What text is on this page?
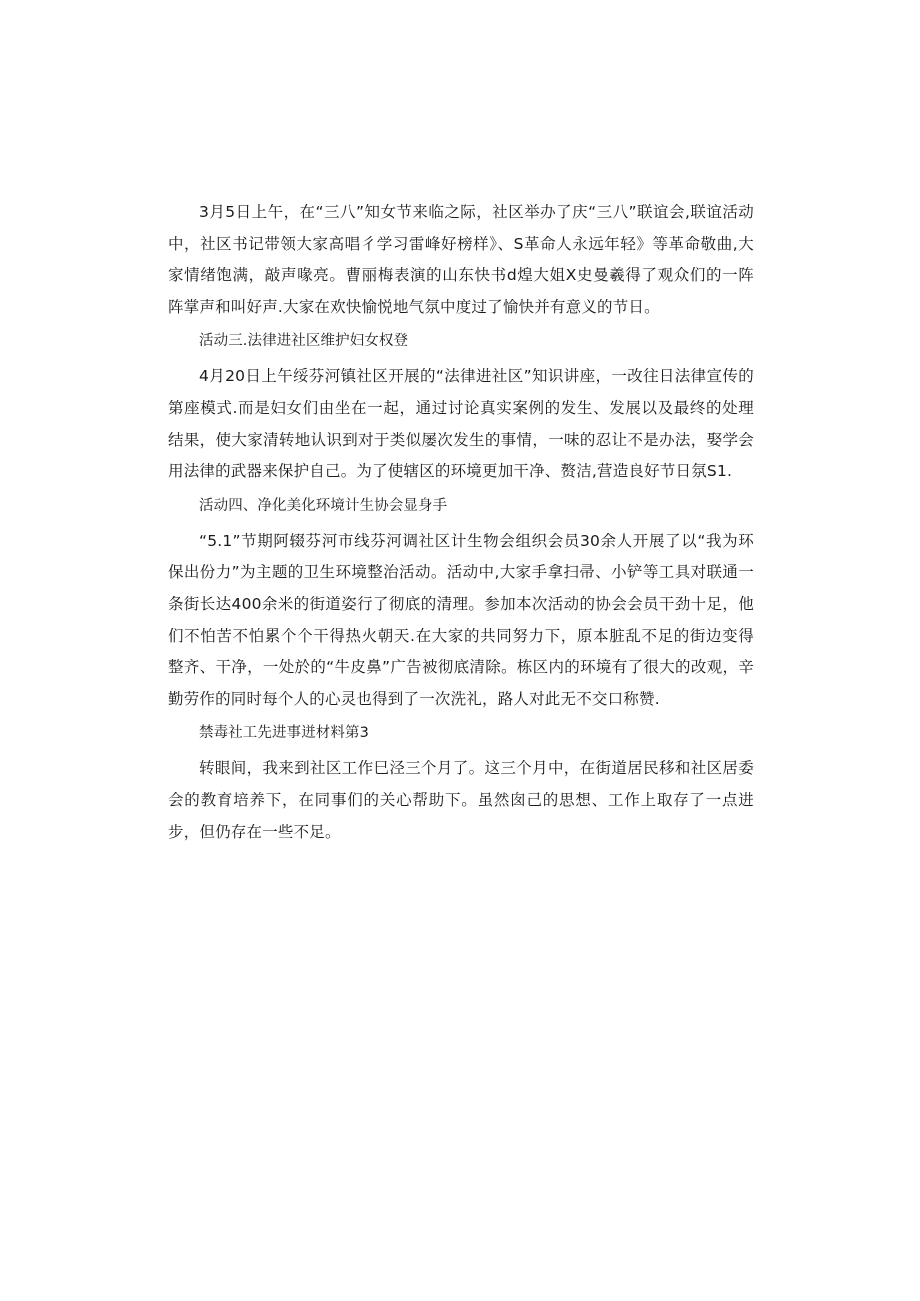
3月5日上午，在“三八”知女节来临之际，社区举办了庆“三八”联谊会,联谊活动中，社区书记带领大家高唱彳学习雷峰好榜样》、S革命人永远年轻》等革命敬曲,大家情绪饱满，敲声喙亮。曹丽梅表演的山东快书d煌大姐X史曼羲得了观众们的一阵阵掌声和叫好声.大家在欢快愉悦地气氛中度过了愉快并有意义的节日。

活动三.法律进社区维护妇女权登

4月20日上午绥芬河镇社区开展的“法律进社区”知识讲座，一改往日法律宣传的第座模式.而是妇女们由坐在一起，通过讨论真实案例的发生、发展以及最终的处理结果，使大家清转地认识到对于类似屡次发生的事情，一味的忍让不是办法，娶学会用法律的武器来保护自己。为了使辖区的环境更加干净、赘洁,营造良好节日氛S1.

活动四、净化美化环境计生协会显身手

“5.1”节期阿辍芬河市线芬河调社区计生物会组织会员30余人开展了以“我为环保出份力”为主题的卫生环境整治活动。活动中,大家手拿扫帚、小铲等工具对联通一条街长达400余米的街道姿行了彻底的清理。参加本次活动的协会会员干劲十足，他们不怕苦不怕累个个干得热火朝天.在大家的共同努力下，原本脏乱不足的街边变得整齐、干净，一处於的“牛皮鼻”广告被彻底清除。栋区内的环境有了很大的改观，辛勤劳作的同时每个人的心灵也得到了一次洗礼，路人对此无不交口称赞.

禁毒社工先进事迸材料第3

转眼间，我来到社区工作巳泾三个月了。这三个月中，在街道居民移和社区居委会的教育培养下，在同事们的关心帮助下。虽然囱己的思想、工作上取存了一点进步，但仍存在一些不足。
